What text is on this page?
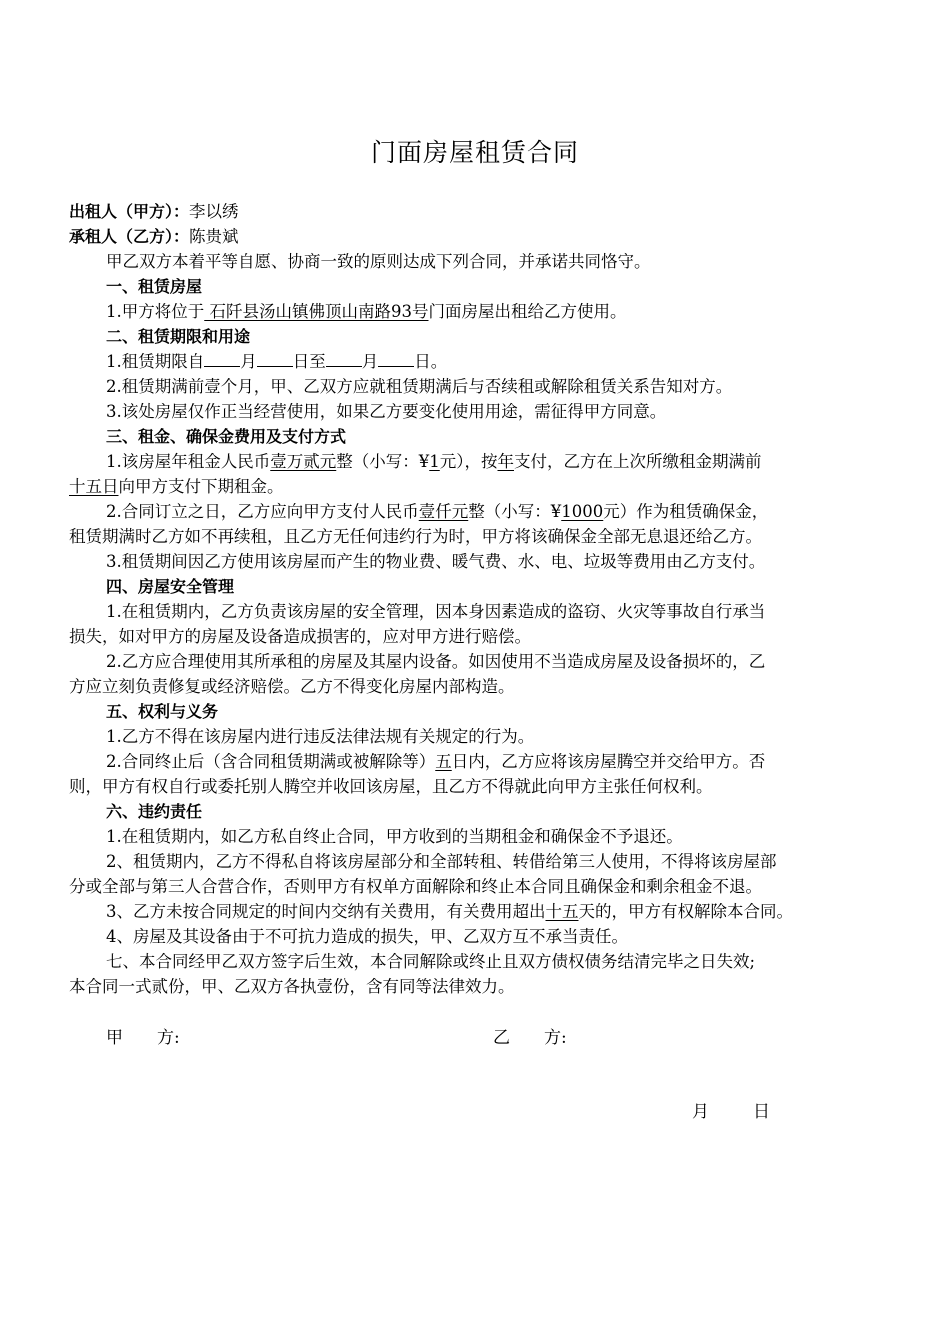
门面房屋租赁合同
出租人（甲方）：李以绣
承租人（乙方）：陈贵斌
甲乙双方本着平等自愿、协商一致的原则达成下列合同，并承诺共同恪守。
一、租赁房屋
1.甲方将位于 石阡县汤山镇佛顶山南路93号门面房屋出租给乙方使用。
二、租赁期限和用途
1.租赁期限自 月 日至 月 日。
2.租赁期满前壹个月，甲、乙双方应就租赁期满后与否续租或解除租赁关系告知对方。
3.该处房屋仅作正当经营使用，如果乙方要变化使用用途，需征得甲方同意。
三、租金、确保金费用及支付方式
1.该房屋年租金人民币壹万贰元整（小写：¥1元），按年支付，乙方在上次所缴租金期满前
十五日向甲方支付下期租金。
2.合同订立之日，乙方应向甲方支付人民币壹仟元整（小写：¥1000元）作为租赁确保金，
租赁期满时乙方如不再续租，且乙方无任何违约行为时，甲方将该确保金全部无息退还给乙方。
3.租赁期间因乙方使用该房屋而产生的物业费、暖气费、水、电、垃圾等费用由乙方支付。
四、房屋安全管理
1.在租赁期内，乙方负责该房屋的安全管理，因本身因素造成的盗窃、火灾等事故自行承当
损失，如对甲方的房屋及设备造成损害的，应对甲方进行赔偿。
2.乙方应合理使用其所承租的房屋及其屋内设备。如因使用不当造成房屋及设备损坏的，乙
方应立刻负责修复或经济赔偿。乙方不得变化房屋内部构造。
五、权利与义务
1.乙方不得在该房屋内进行违反法律法规有关规定的行为。
2.合同终止后（含合同租赁期满或被解除等）五日内，乙方应将该房屋腾空并交给甲方。否
则，甲方有权自行或委托别人腾空并收回该房屋，且乙方不得就此向甲方主张任何权利。
六、违约责任
1.在租赁期内，如乙方私自终止合同，甲方收到的当期租金和确保金不予退还。
2、租赁期内，乙方不得私自将该房屋部分和全部转租、转借给第三人使用，不得将该房屋部
分或全部与第三人合营合作，否则甲方有权单方面解除和终止本合同且确保金和剩余租金不退。
3、乙方未按合同规定的时间内交纳有关费用，有关费用超出十五天的，甲方有权解除本合同。
4、房屋及其设备由于不可抗力造成的损失，甲、乙双方互不承当责任。
七、本合同经甲乙双方签字后生效，本合同解除或终止且双方债权债务结清完毕之日失效;
本合同一式贰份，甲、乙双方各执壹份，含有同等法律效力。
甲 方:	乙 方:
月	日
